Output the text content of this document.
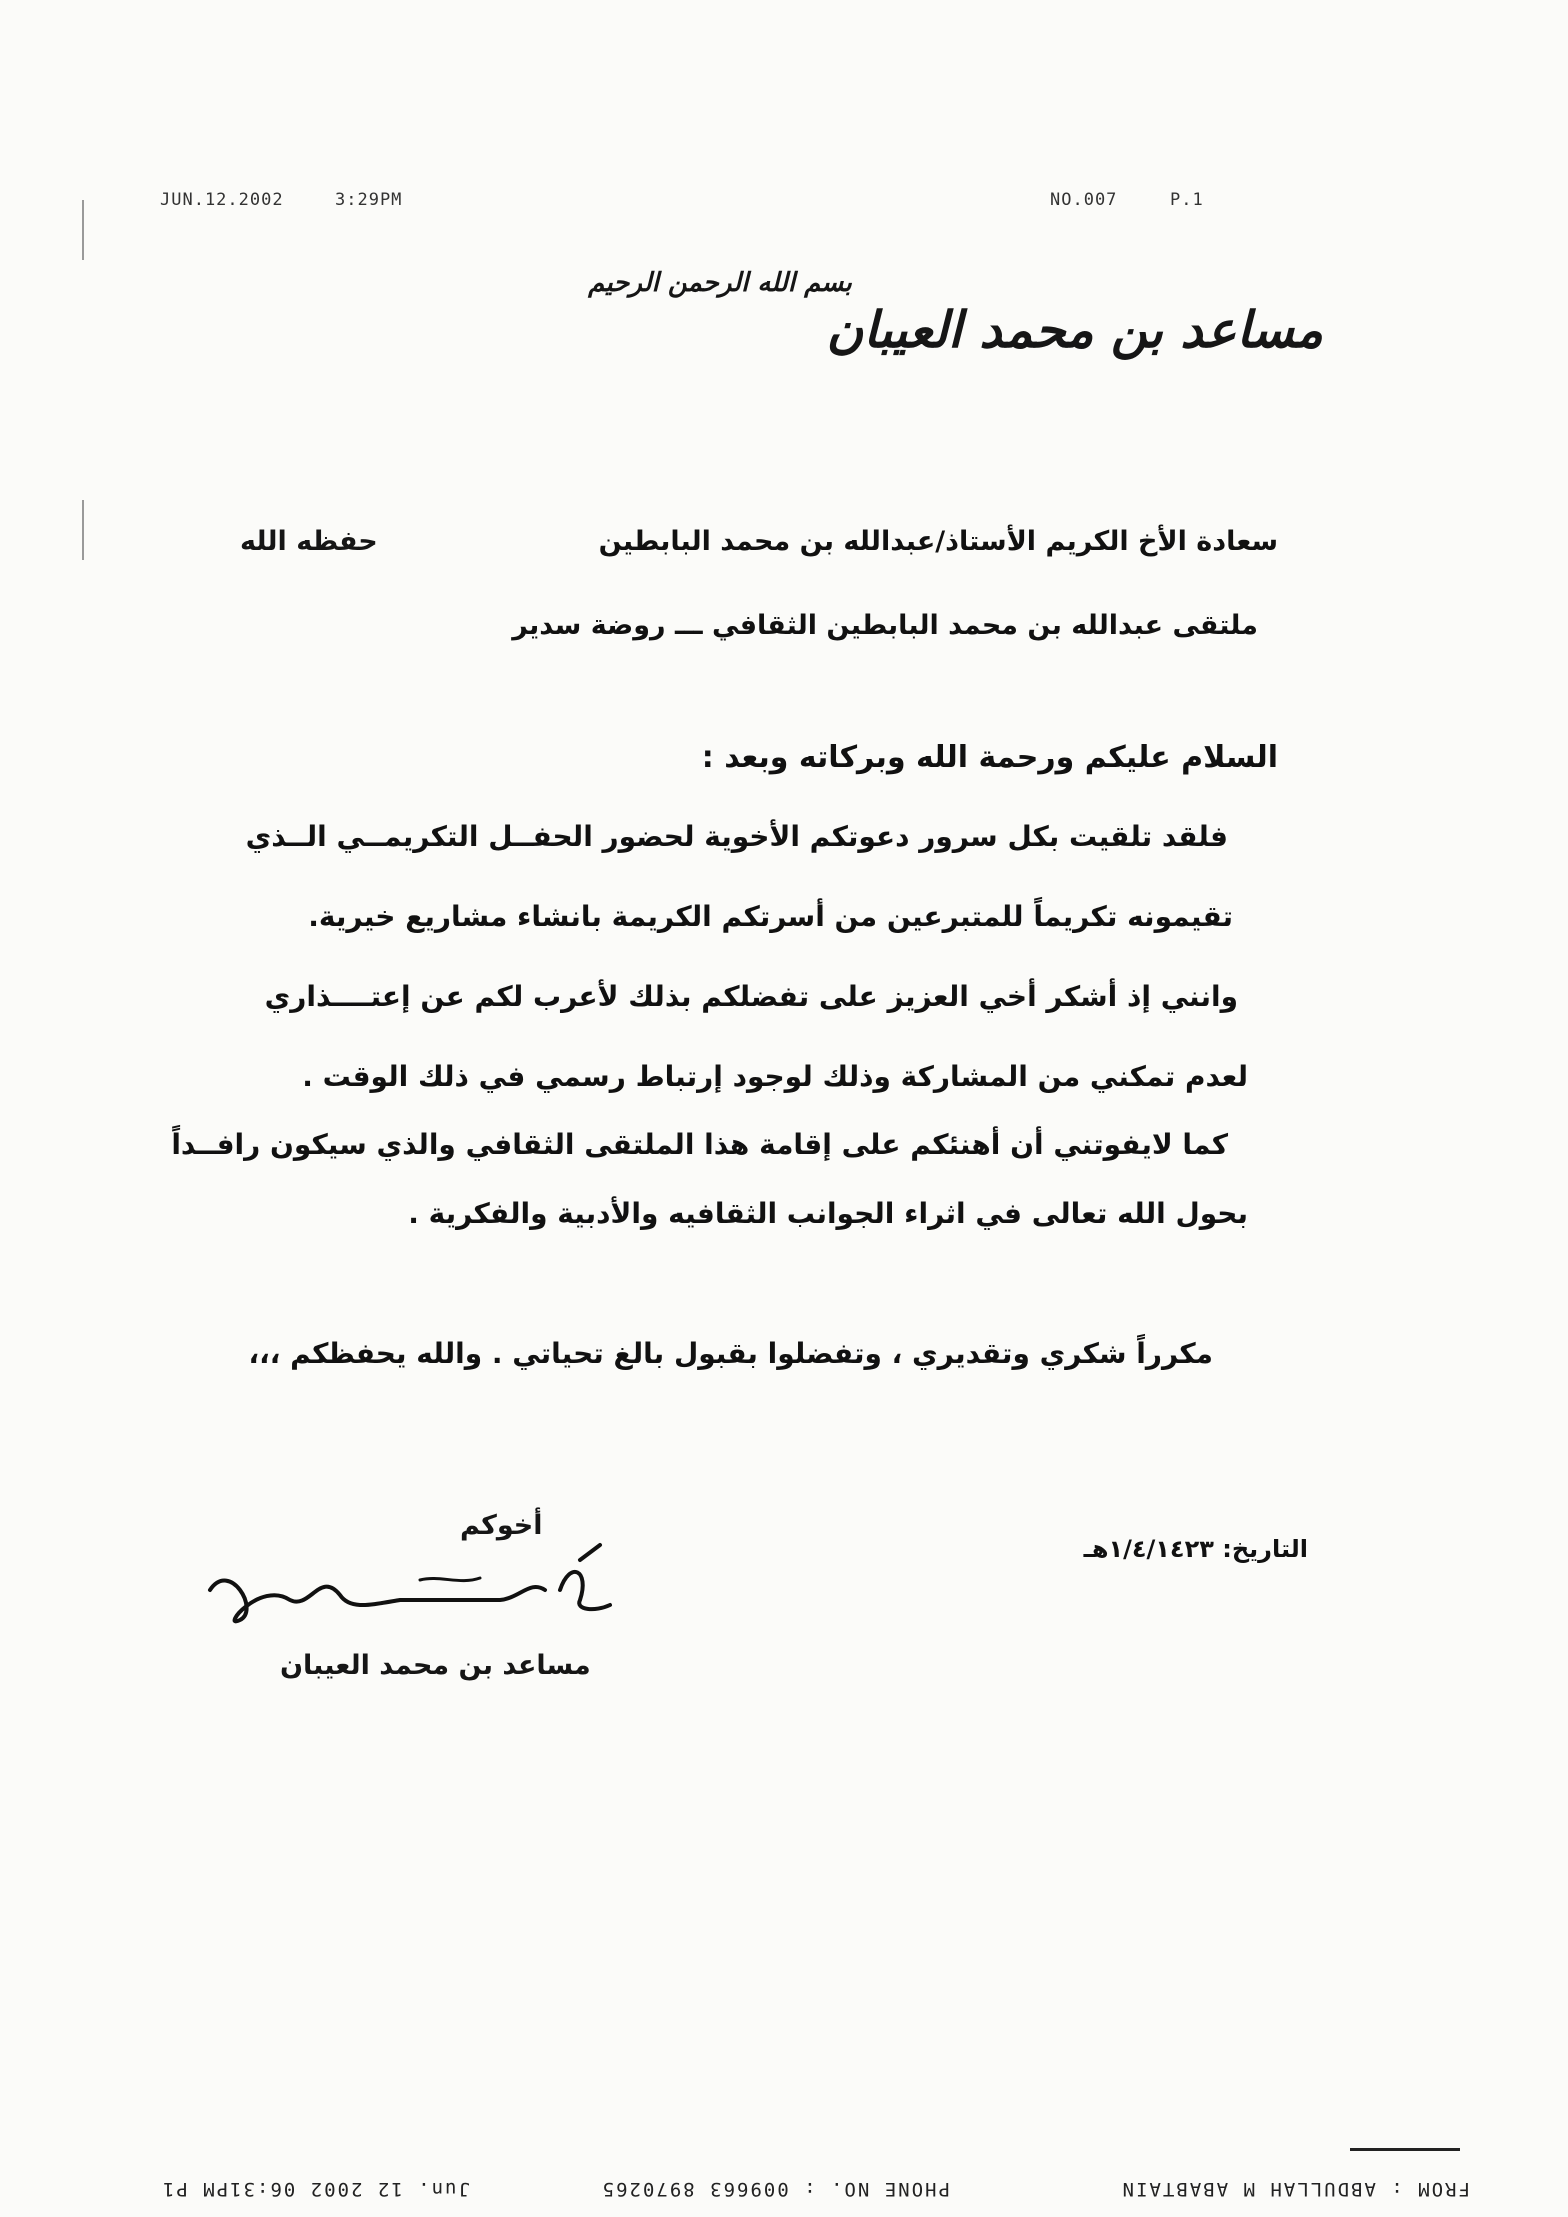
JUN.12.2002	3:29PM	NO.007	P.1
بسم الله الرحمن الرحيم
مساعد بن محمد العيبان
سعادة الأخ الكريم الأستاذ/عبدالله بن محمد البابطين
حفظه الله
ملتقى عبدالله بن محمد البابطين الثقافي ـــ روضة سدير
السلام عليكم ورحمة الله وبركاته وبعد :
فلقد تلقيت بكل سرور دعوتكم الأخوية لحضور الحفــل التكريمــي الــذي
تقيمونه تكريماً للمتبرعين من أسرتكم الكريمة بانشاء مشاريع خيرية.
وانني إذ أشكر أخي العزيز على تفضلكم بذلك لأعرب لكم عن إعتــــذاري
لعدم تمكني من المشاركة وذلك لوجود إرتباط رسمي في ذلك الوقت .
كما لايفوتني أن أهنئكم على إقامة هذا الملتقى الثقافي والذي سيكون رافــداً
بحول الله تعالى في اثراء الجوانب الثقافيه والأدبية والفكرية .
مكرراً شكري وتقديري ، وتفضلوا بقبول بالغ تحياتي . والله يحفظكم ،،،
التاريخ: ١/٤/١٤٢٣هـ
أخوكم
مساعد بن محمد العيبان
FROM : ABDULLAH M ABABTAIN
PHONE NO. : 009663 8970265
Jun. 12 2002 06:31PM P1
